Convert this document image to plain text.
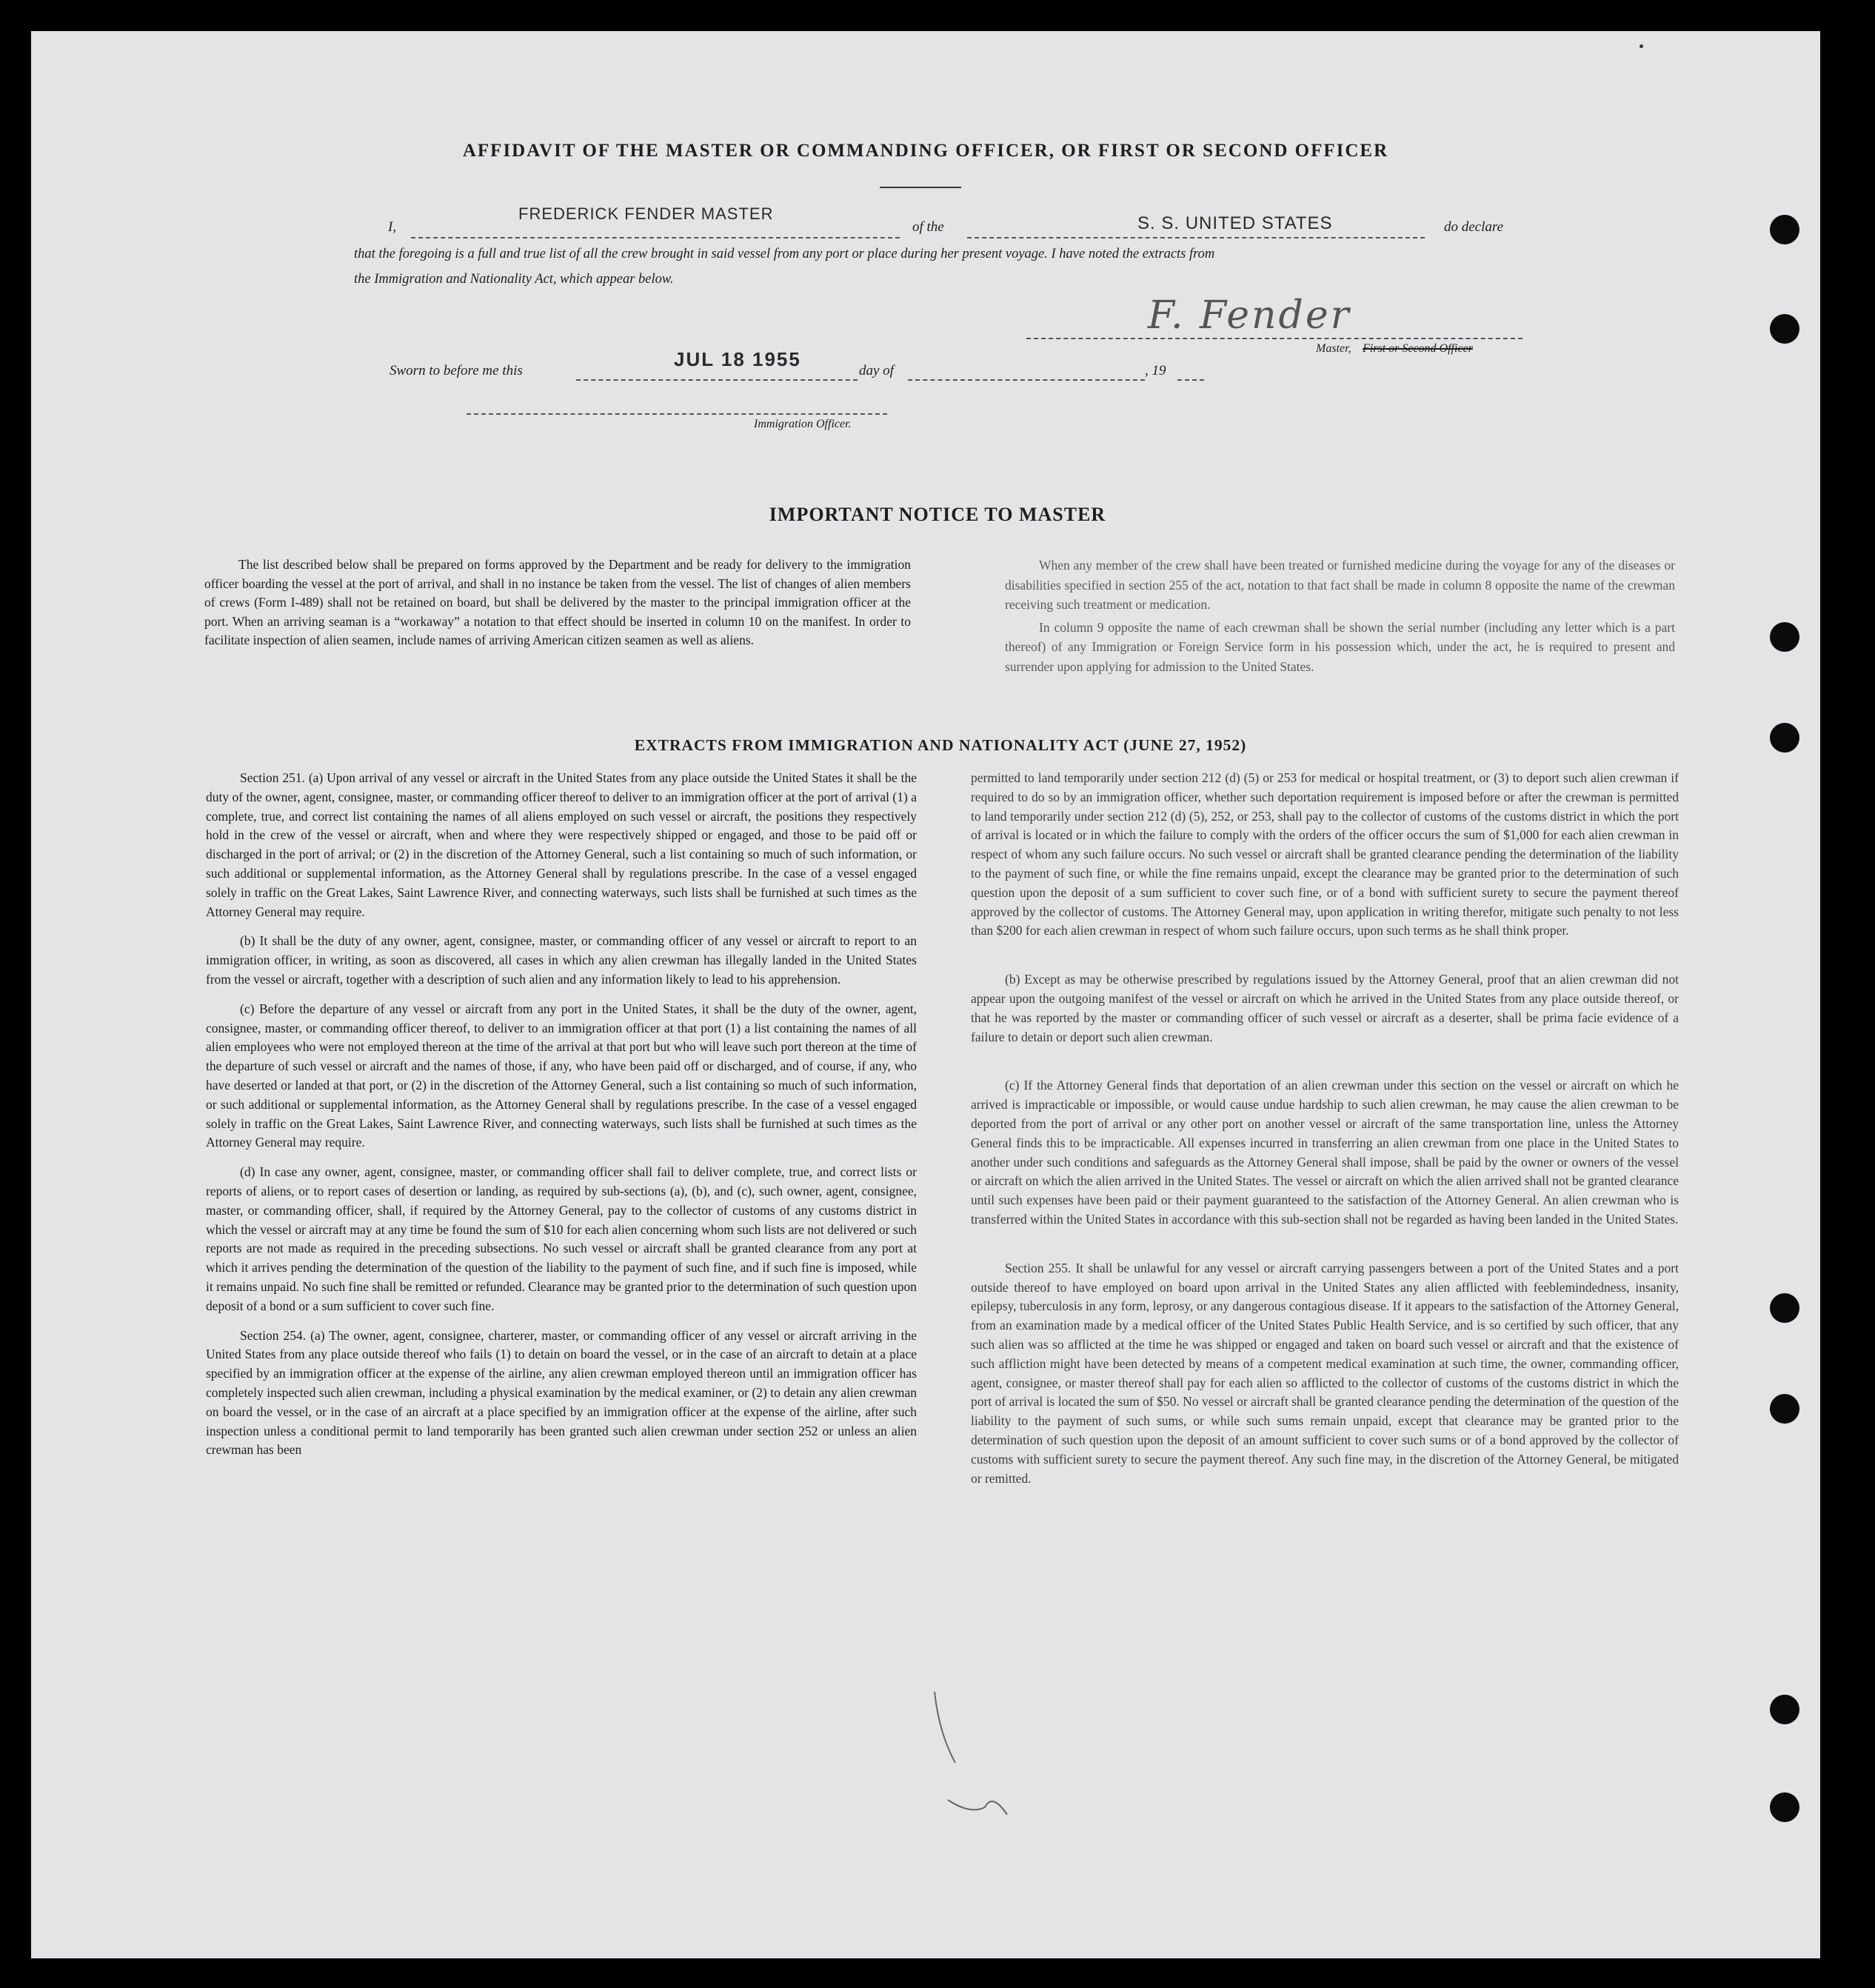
AFFIDAVIT OF THE MASTER OR COMMANDING OFFICER, OR FIRST OR SECOND OFFICER
I,
FREDERICK FENDER MASTER
of the	S. S. UNITED STATES	do declare
that the foregoing is a full and true list of all the crew brought in said vessel from any port or place during her present voyage. I have noted the extracts from
the Immigration and Nationality Act, which appear below.
F. Fender
Master, First or Second Officer
Sworn to before me this
JUL 18 1955
day of	, 19
Immigration Officer.
IMPORTANT NOTICE TO MASTER

The list described below shall be prepared on forms approved by the Department and be ready for delivery to the immigration officer boarding the vessel at the port of arrival, and shall in no instance be taken from the vessel. The list of changes of alien members of crews (Form I-489) shall not be retained on board, but shall be delivered by the master to the principal immigration officer at the port. When an arriving seaman is a “workaway” a notation to that effect should be inserted in column 10 on the manifest. In order to facilitate inspection of alien seamen, include names of arriving American citizen seamen as well as aliens.

When any member of the crew shall have been treated or furnished medicine during the voyage for any of the diseases or disabilities specified in section 255 of the act, notation to that fact shall be made in column 8 opposite the name of the crewman receiving such treatment or medication.

In column 9 opposite the name of each crewman shall be shown the serial number (including any letter which is a part thereof) of any Immigration or Foreign Service form in his possession which, under the act, he is required to present and surrender upon applying for admission to the United States.

EXTRACTS FROM IMMIGRATION AND NATIONALITY ACT (JUNE 27, 1952)

Section 251. (a) Upon arrival of any vessel or aircraft in the United States from any place outside the United States it shall be the duty of the owner, agent, consignee, master, or commanding officer thereof to deliver to an immigration officer at the port of arrival (1) a complete, true, and correct list containing the names of all aliens employed on such vessel or aircraft, the positions they respectively hold in the crew of the vessel or aircraft, when and where they were respectively shipped or engaged, and those to be paid off or discharged in the port of arrival; or (2) in the discretion of the Attorney General, such a list containing so much of such information, or such additional or supplemental information, as the Attorney General shall by regulations prescribe. In the case of a vessel engaged solely in traffic on the Great Lakes, Saint Lawrence River, and connecting waterways, such lists shall be furnished at such times as the Attorney General may require.

(b) It shall be the duty of any owner, agent, consignee, master, or commanding officer of any vessel or aircraft to report to an immigration officer, in writing, as soon as discovered, all cases in which any alien crewman has illegally landed in the United States from the vessel or aircraft, together with a description of such alien and any information likely to lead to his apprehension.

(c) Before the departure of any vessel or aircraft from any port in the United States, it shall be the duty of the owner, agent, consignee, master, or commanding officer thereof, to deliver to an immigration officer at that port (1) a list containing the names of all alien employees who were not employed thereon at the time of the arrival at that port but who will leave such port thereon at the time of the departure of such vessel or aircraft and the names of those, if any, who have been paid off or discharged, and of course, if any, who have deserted or landed at that port, or (2) in the discretion of the Attorney General, such a list containing so much of such information, or such additional or supplemental information, as the Attorney General shall by regulations prescribe. In the case of a vessel engaged solely in traffic on the Great Lakes, Saint Lawrence River, and connecting waterways, such lists shall be furnished at such times as the Attorney General may require.

(d) In case any owner, agent, consignee, master, or commanding officer shall fail to deliver complete, true, and correct lists or reports of aliens, or to report cases of desertion or landing, as required by sub-sections (a), (b), and (c), such owner, agent, consignee, master, or commanding officer, shall, if required by the Attorney General, pay to the collector of customs of any customs district in which the vessel or aircraft may at any time be found the sum of $10 for each alien concerning whom such lists are not delivered or such reports are not made as required in the preceding subsections. No such vessel or aircraft shall be granted clearance from any port at which it arrives pending the determination of the question of the liability to the payment of such fine, and if such fine is imposed, while it remains unpaid. No such fine shall be remitted or refunded. Clearance may be granted prior to the determination of such question upon deposit of a bond or a sum sufficient to cover such fine.

Section 254. (a) The owner, agent, consignee, charterer, master, or commanding officer of any vessel or aircraft arriving in the United States from any place outside thereof who fails (1) to detain on board the vessel, or in the case of an aircraft to detain at a place specified by an immigration officer at the expense of the airline, any alien crewman employed thereon until an immigration officer has completely inspected such alien crewman, including a physical examination by the medical examiner, or (2) to detain any alien crewman on board the vessel, or in the case of an aircraft at a place specified by an immigration officer at the expense of the airline, after such inspection unless a conditional permit to land temporarily has been granted such alien crewman under section 252 or unless an alien crewman has been

permitted to land temporarily under section 212 (d) (5) or 253 for medical or hospital treatment, or (3) to deport such alien crewman if required to do so by an immigration officer, whether such deportation requirement is imposed before or after the crewman is permitted to land temporarily under section 212 (d) (5), 252, or 253, shall pay to the collector of customs of the customs district in which the port of arrival is located or in which the failure to comply with the orders of the officer occurs the sum of $1,000 for each alien crewman in respect of whom any such failure occurs. No such vessel or aircraft shall be granted clearance pending the determination of the liability to the payment of such fine, or while the fine remains unpaid, except the clearance may be granted prior to the determination of such question upon the deposit of a sum sufficient to cover such fine, or of a bond with sufficient surety to secure the payment thereof approved by the collector of customs. The Attorney General may, upon application in writing therefor, mitigate such penalty to not less than $200 for each alien crewman in respect of whom such failure occurs, upon such terms as he shall think proper.

(b) Except as may be otherwise prescribed by regulations issued by the Attorney General, proof that an alien crewman did not appear upon the outgoing manifest of the vessel or aircraft on which he arrived in the United States from any place outside thereof, or that he was reported by the master or commanding officer of such vessel or aircraft as a deserter, shall be prima facie evidence of a failure to detain or deport such alien crewman.

(c) If the Attorney General finds that deportation of an alien crewman under this section on the vessel or aircraft on which he arrived is impracticable or impossible, or would cause undue hardship to such alien crewman, he may cause the alien crewman to be deported from the port of arrival or any other port on another vessel or aircraft of the same transportation line, unless the Attorney General finds this to be impracticable. All expenses incurred in transferring an alien crewman from one place in the United States to another under such conditions and safeguards as the Attorney General shall impose, shall be paid by the owner or owners of the vessel or aircraft on which the alien arrived in the United States. The vessel or aircraft on which the alien arrived shall not be granted clearance until such expenses have been paid or their payment guaranteed to the satisfaction of the Attorney General. An alien crewman who is transferred within the United States in accordance with this sub-section shall not be regarded as having been landed in the United States.

Section 255. It shall be unlawful for any vessel or aircraft carrying passengers between a port of the United States and a port outside thereof to have employed on board upon arrival in the United States any alien afflicted with feeblemindedness, insanity, epilepsy, tuberculosis in any form, leprosy, or any dangerous contagious disease. If it appears to the satisfaction of the Attorney General, from an examination made by a medical officer of the United States Public Health Service, and is so certified by such officer, that any such alien was so afflicted at the time he was shipped or engaged and taken on board such vessel or aircraft and that the existence of such affliction might have been detected by means of a competent medical examination at such time, the owner, commanding officer, agent, consignee, or master thereof shall pay for each alien so afflicted to the collector of customs of the customs district in which the port of arrival is located the sum of $50. No vessel or aircraft shall be granted clearance pending the determination of the question of the liability to the payment of such sums, or while such sums remain unpaid, except that clearance may be granted prior to the determination of such question upon the deposit of an amount sufficient to cover such sums or of a bond approved by the collector of customs with sufficient surety to secure the payment thereof. Any such fine may, in the discretion of the Attorney General, be mitigated or remitted.
